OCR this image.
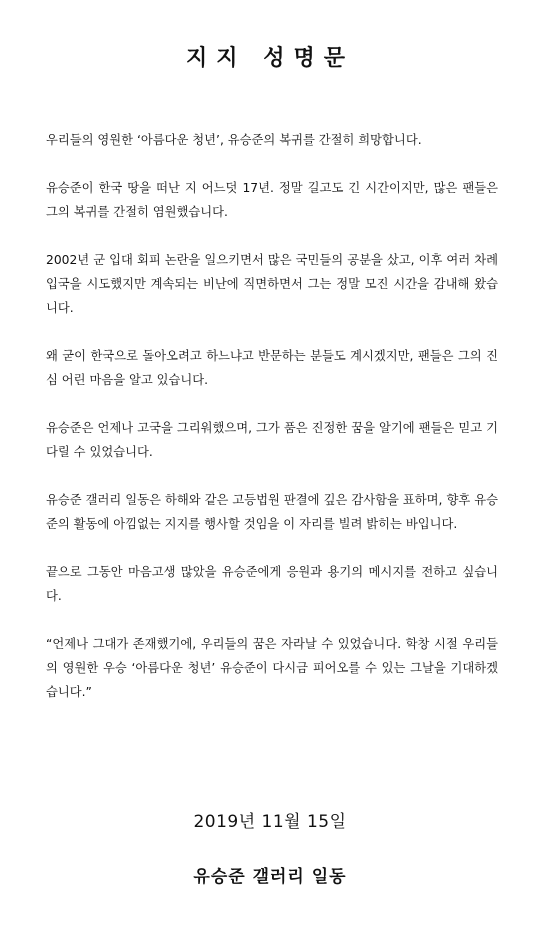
지지 성명문

우리들의 영원한 ‘아름다운 청년’, 유승준의 복귀를 간절히 희망합니다.

유승준이 한국 땅을 떠난 지 어느덧 17년. 정말 길고도 긴 시간이지만, 많은 팬들은 그의 복귀를 간절히 염원했습니다.

2002년 군 입대 회피 논란을 일으키면서 많은 국민들의 공분을 샀고, 이후 여러 차례 입국을 시도했지만 계속되는 비난에 직면하면서 그는 정말 모진 시간을 감내해 왔습니다.

왜 굳이 한국으로 돌아오려고 하느냐고 반문하는 분들도 계시겠지만, 팬들은 그의 진심 어린 마음을 알고 있습니다.

유승준은 언제나 고국을 그리워했으며, 그가 품은 진정한 꿈을 알기에 팬들은 믿고 기다릴 수 있었습니다.

유승준 갤러리 일동은 하해와 같은 고등법원 판결에 깊은 감사함을 표하며, 향후 유승준의 활동에 아낌없는 지지를 행사할 것임을 이 자리를 빌려 밝히는 바입니다.

끝으로 그동안 마음고생 많았을 유승준에게 응원과 용기의 메시지를 전하고 싶습니다.

“언제나 그대가 존재했기에, 우리들의 꿈은 자라날 수 있었습니다. 학창 시절 우리들의 영원한 우승 ‘아름다운 청년’ 유승준이 다시금 피어오를 수 있는 그날을 기대하겠습니다.”

2019년 11월 15일
유승준 갤러리 일동
